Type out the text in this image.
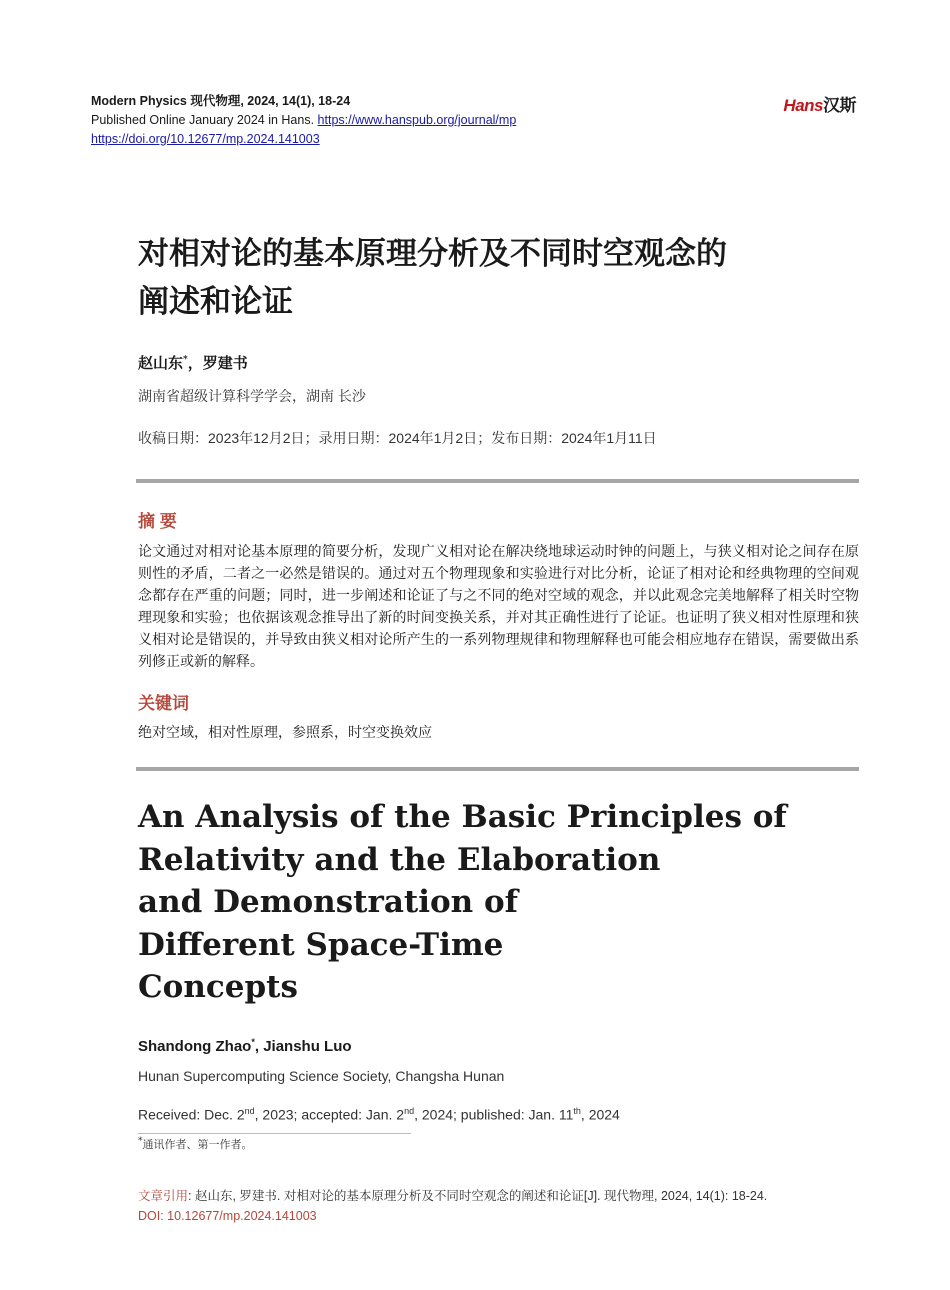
Modern Physics 现代物理, 2024, 14(1), 18-24
Published Online January 2024 in Hans. https://www.hanspub.org/journal/mp
https://doi.org/10.12677/mp.2024.141003
Hans汉斯
对相对论的基本原理分析及不同时空观念的
阐述和论证
赵山东*，罗建书
湖南省超级计算科学学会，湖南 长沙
收稿日期：2023年12月2日；录用日期：2024年1月2日；发布日期：2024年1月11日
摘 要
论文通过对相对论基本原理的简要分析，发现广义相对论在解决绕地球运动时钟的问题上，与狭义相对论之间存在原则性的矛盾，二者之一必然是错误的。通过对五个物理现象和实验进行对比分析，论证了相对论和经典物理的空间观念都存在严重的问题；同时，进一步阐述和论证了与之不同的绝对空域的观念，并以此观念完美地解释了相关时空物理现象和实验；也依据该观念推导出了新的时间变换关系，并对其正确性进行了论证。也证明了狭义相对性原理和狭义相对论是错误的，并导致由狭义相对论所产生的一系列物理规律和物理解释也可能会相应地存在错误，需要做出系列修正或新的解释。
关键词
绝对空域，相对性原理，参照系，时空变换效应
An Analysis of the Basic Principles of
Relativity and the Elaboration
and Demonstration of
Different Space-Time
Concepts
Shandong Zhao*, Jianshu Luo
Hunan Supercomputing Science Society, Changsha Hunan
Received: Dec. 2nd, 2023; accepted: Jan. 2nd, 2024; published: Jan. 11th, 2024
*通讯作者、第一作者。
文章引用: 赵山东, 罗建书. 对相对论的基本原理分析及不同时空观念的阐述和论证[J]. 现代物理, 2024, 14(1): 18-24.
DOI: 10.12677/mp.2024.141003
